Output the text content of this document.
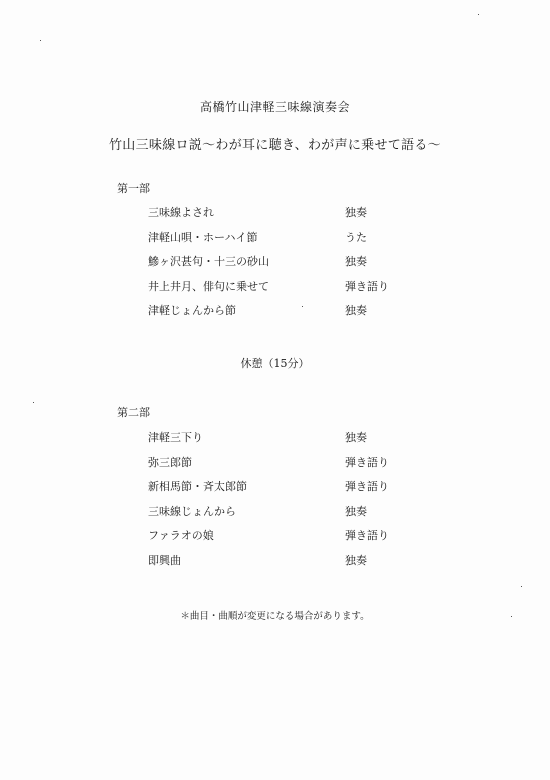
高橋竹山津軽三味線演奏会
竹山三味線ロ説～わが耳に聴き、わが声に乗せて語る～
第一部
三味線よされ	独奏
津軽山唄・ホーハイ節	うた
鰺ヶ沢甚句・十三の砂山	独奏
井上井月、俳句に乗せて	弾き語り
津軽じょんから節	独奏
休憩（15分）
第二部
津軽三下り	独奏
弥三郎節	弾き語り
新相馬節・斉太郎節	弾き語り
三味線じょんから	独奏
ファラオの娘	弾き語り
即興曲	独奏
＊曲目・曲順が変更になる場合があります。
